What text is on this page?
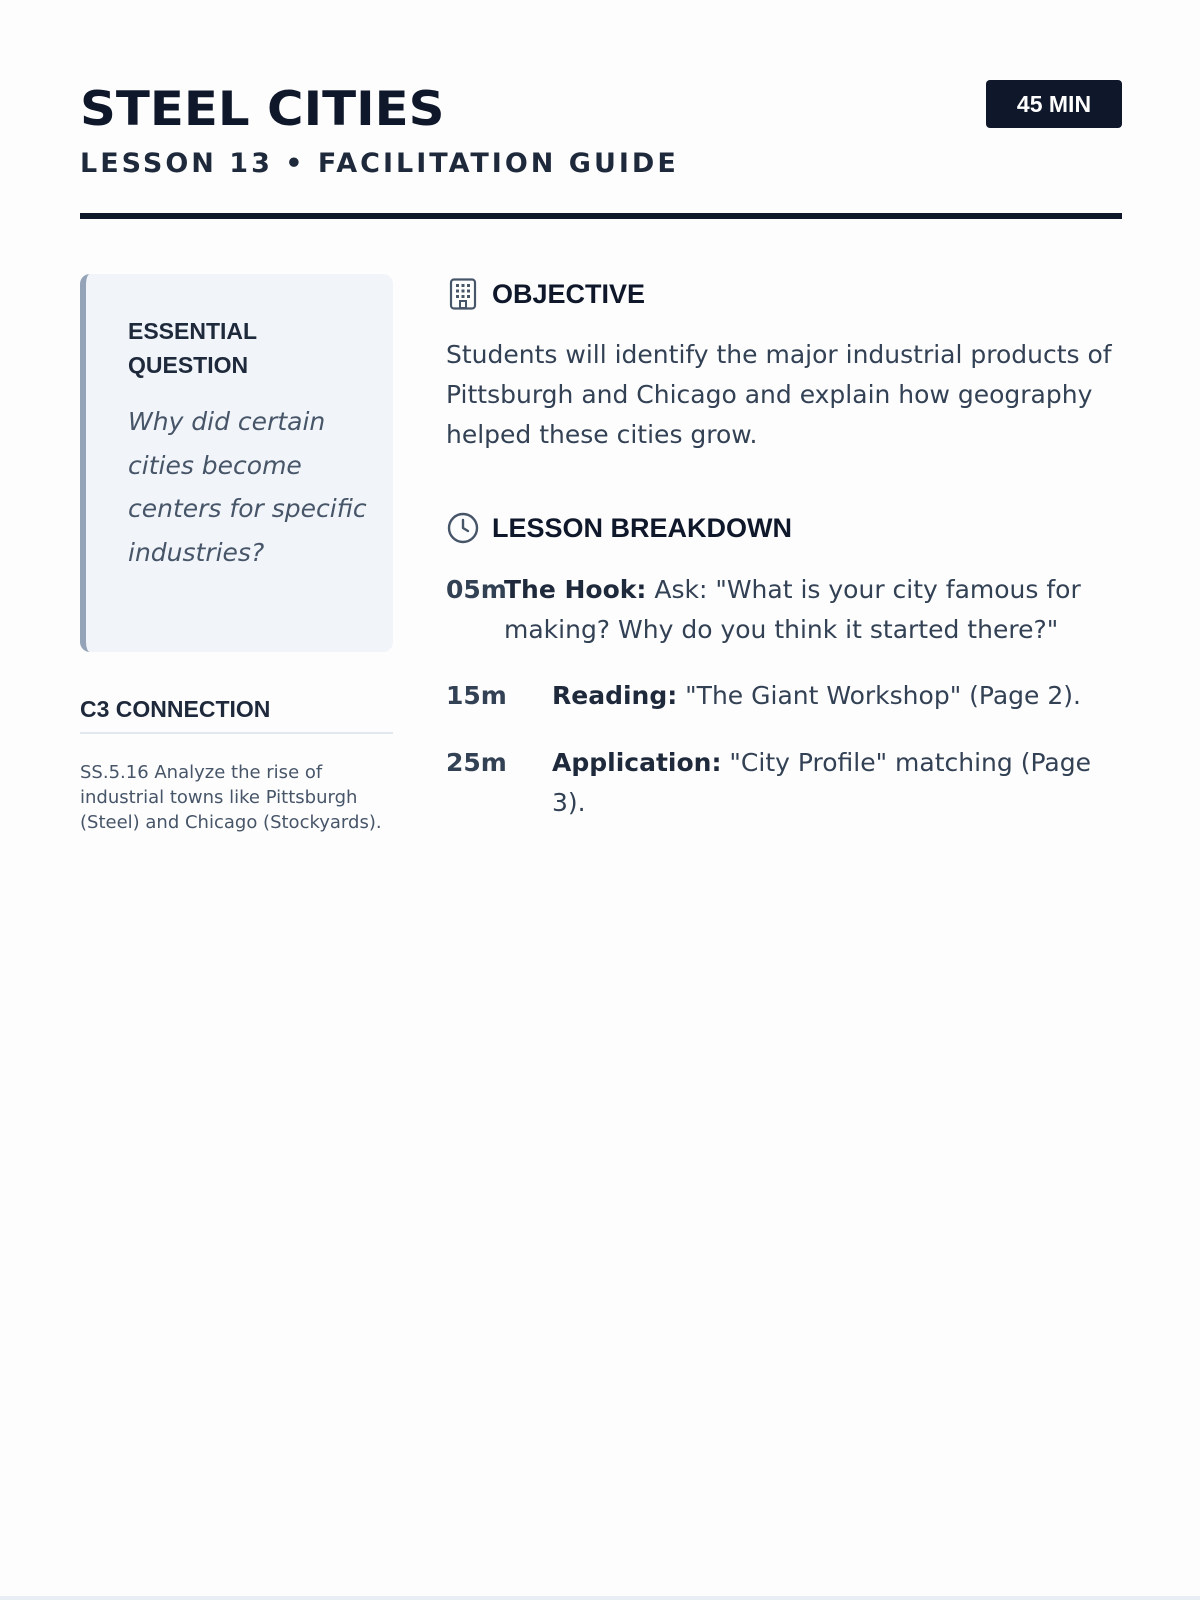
STEEL CITIES
LESSON 13 • FACILITATION GUIDE
45 MIN
ESSENTIAL
QUESTION
Why did certain cities become centers for specific industries?
C3 CONNECTION
SS.5.16 Analyze the rise of industrial towns like Pittsburgh (Steel) and Chicago (Stockyards).
OBJECTIVE
Students will identify the major industrial products of Pittsburgh and Chicago and explain how geography helped these cities grow.
LESSON BREAKDOWN
05mThe Hook: Ask: "What is your city famous for making? Why do you think it started there?"
15m	Reading: "The Giant Workshop" (Page 2).
25m	Application: "City Profile" matching (Page 3).
